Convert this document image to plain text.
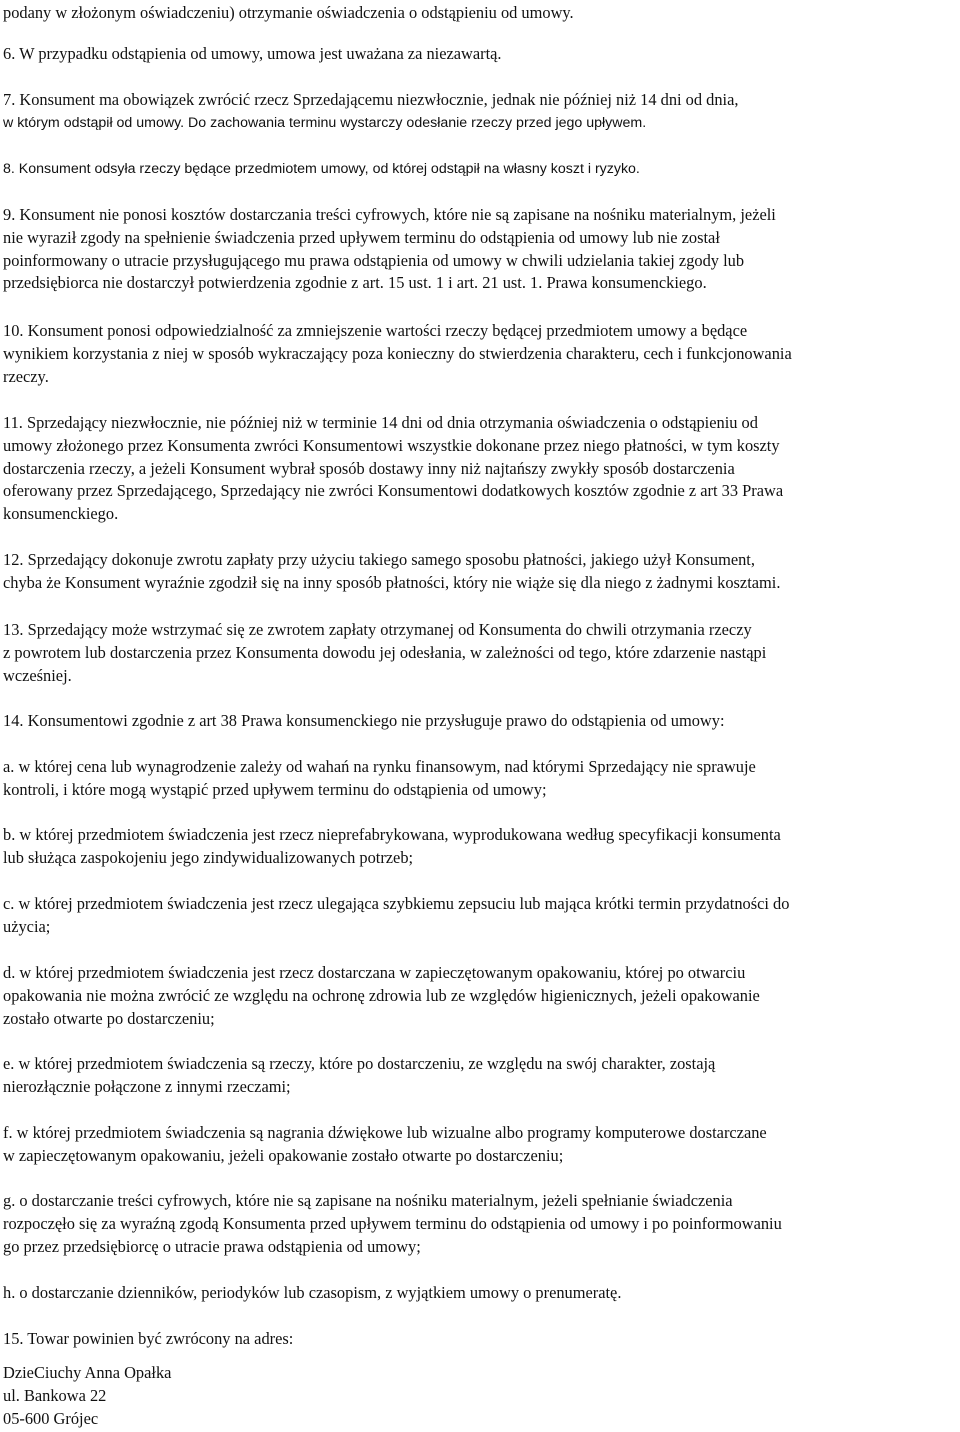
podany w złożonym oświadczeniu) otrzymanie oświadczenia o odstąpieniu od umowy.

6. W przypadku odstąpienia od umowy, umowa jest uważana za niezawartą.

7. Konsument ma obowiązek zwrócić rzecz Sprzedającemu niezwłocznie, jednak nie później niż 14 dni od dnia,
w którym odstąpił od umowy. Do zachowania terminu wystarczy odesłanie rzeczy przed jego upływem.

8. Konsument odsyła rzeczy będące przedmiotem umowy, od której odstąpił na własny koszt i ryzyko.

9. Konsument nie ponosi kosztów dostarczania treści cyfrowych, które nie są zapisane na nośniku materialnym, jeżeli
nie wyraził zgody na spełnienie świadczenia przed upływem terminu do odstąpienia od umowy lub nie został
poinformowany o utracie przysługującego mu prawa odstąpienia od umowy w chwili udzielania takiej zgody lub
przedsiębiorca nie dostarczył potwierdzenia zgodnie z art. 15 ust. 1 i art. 21 ust. 1. Prawa konsumenckiego.

10. Konsument ponosi odpowiedzialność za zmniejszenie wartości rzeczy będącej przedmiotem umowy a będące
wynikiem korzystania z niej w sposób wykraczający poza konieczny do stwierdzenia charakteru, cech i funkcjonowania
rzeczy.

11. Sprzedający niezwłocznie, nie później niż w terminie 14 dni od dnia otrzymania oświadczenia o odstąpieniu od
umowy złożonego przez Konsumenta zwróci Konsumentowi wszystkie dokonane przez niego płatności, w tym koszty
dostarczenia rzeczy, a jeżeli Konsument wybrał sposób dostawy inny niż najtańszy zwykły sposób dostarczenia
oferowany przez Sprzedającego, Sprzedający nie zwróci Konsumentowi dodatkowych kosztów zgodnie z art 33 Prawa
konsumenckiego.

12. Sprzedający dokonuje zwrotu zapłaty przy użyciu takiego samego sposobu płatności, jakiego użył Konsument,
chyba że Konsument wyraźnie zgodził się na inny sposób płatności, który nie wiąże się dla niego z żadnymi kosztami.

13. Sprzedający może wstrzymać się ze zwrotem zapłaty otrzymanej od Konsumenta do chwili otrzymania rzeczy
z powrotem lub dostarczenia przez Konsumenta dowodu jej odesłania, w zależności od tego, które zdarzenie nastąpi
wcześniej.

14. Konsumentowi zgodnie z art 38 Prawa konsumenckiego nie przysługuje prawo do odstąpienia od umowy:

a. w której cena lub wynagrodzenie zależy od wahań na rynku finansowym, nad którymi Sprzedający nie sprawuje
kontroli, i które mogą wystąpić przed upływem terminu do odstąpienia od umowy;

b. w której przedmiotem świadczenia jest rzecz nieprefabrykowana, wyprodukowana według specyfikacji konsumenta
lub służąca zaspokojeniu jego zindywidualizowanych potrzeb;

c. w której przedmiotem świadczenia jest rzecz ulegająca szybkiemu zepsuciu lub mająca krótki termin przydatności do
użycia;

d. w której przedmiotem świadczenia jest rzecz dostarczana w zapieczętowanym opakowaniu, której po otwarciu
opakowania nie można zwrócić ze względu na ochronę zdrowia lub ze względów higienicznych, jeżeli opakowanie
zostało otwarte po dostarczeniu;

e. w której przedmiotem świadczenia są rzeczy, które po dostarczeniu, ze względu na swój charakter, zostają
nierozłącznie połączone z innymi rzeczami;

f. w której przedmiotem świadczenia są nagrania dźwiękowe lub wizualne albo programy komputerowe dostarczane
w zapieczętowanym opakowaniu, jeżeli opakowanie zostało otwarte po dostarczeniu;

g. o dostarczanie treści cyfrowych, które nie są zapisane na nośniku materialnym, jeżeli spełnianie świadczenia
rozpoczęło się za wyraźną zgodą Konsumenta przed upływem terminu do odstąpienia od umowy i po poinformowaniu
go przez przedsiębiorcę o utracie prawa odstąpienia od umowy;

h. o dostarczanie dzienników, periodyków lub czasopism, z wyjątkiem umowy o prenumeratę.

15. Towar powinien być zwrócony na adres:

DzieCiuchy Anna Opałka
ul. Bankowa 22
05-600 Grójec
